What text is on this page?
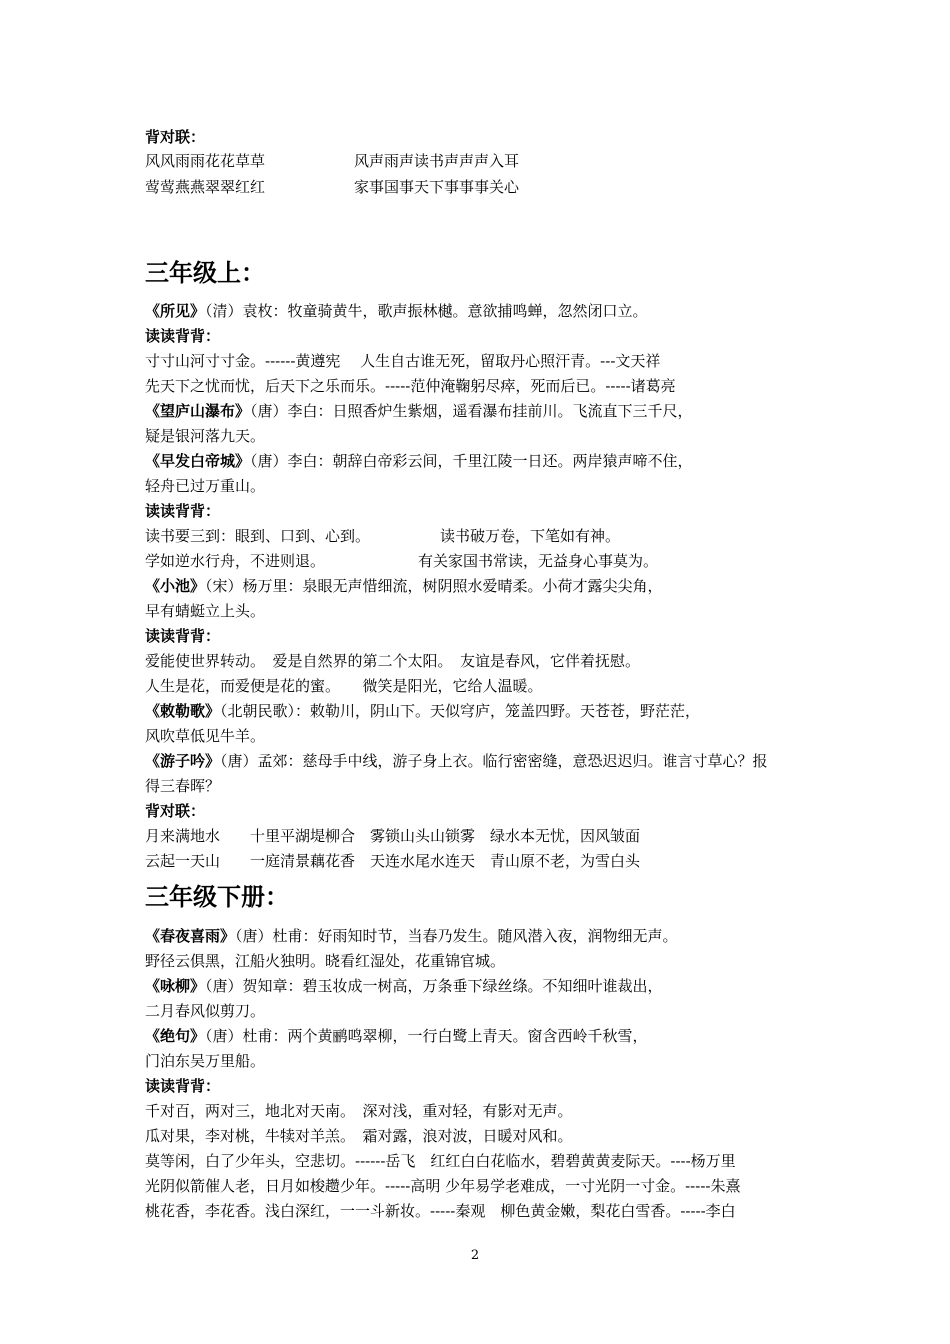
背对联：
风风雨雨花花草草	风声雨声读书声声声入耳
莺莺燕燕翠翠红红	家事国事天下事事事关心
三年级上：
《所见》（清）袁枚：牧童骑黄牛，歌声振林樾。意欲捕鸣蝉，忽然闭口立。
读读背背：
寸寸山河寸寸金。------黄遵宪　 人生自古谁无死，留取丹心照汗青。---文天祥
先天下之忧而忧，后天下之乐而乐。-----范仲淹鞠躬尽瘁，死而后已。-----诸葛亮
《望庐山瀑布》（唐）李白：日照香炉生紫烟，遥看瀑布挂前川。飞流直下三千尺，
疑是银河落九天。
《早发白帝城》（唐）李白：朝辞白帝彩云间，千里江陵一日还。两岸猿声啼不住，
轻舟已过万重山。
读读背背：
读书要三到：眼到、口到、心到。	读书破万卷，下笔如有神。
学如逆水行舟，不进则退。	有关家国书常读，无益身心事莫为。
《小池》（宋）杨万里：泉眼无声惜细流，树阴照水爱晴柔。小荷才露尖尖角，
早有蜻蜓立上头。
读读背背：
爱能使世界转动。　爱是自然界的第二个太阳。　友谊是春风，它伴着抚慰。
人生是花，而爱便是花的蜜。　　微笑是阳光，它给人温暖。
《敕勒歌》（北朝民歌）：敕勒川，阴山下。天似穹庐，笼盖四野。天苍苍，野茫茫，
风吹草低见牛羊。
《游子吟》（唐）孟郊：慈母手中线，游子身上衣。临行密密缝，意恐迟迟归。谁言寸草心？报
得三春晖？
背对联：
月来满地水　　十里平湖堤柳合　雾锁山头山锁雾　绿水本无忧，因风皱面
云起一天山　　一庭清景藕花香　天连水尾水连天　青山原不老，为雪白头
三年级下册：
《春夜喜雨》（唐）杜甫：好雨知时节，当春乃发生。随风潜入夜，润物细无声。
野径云俱黑，江船火独明。晓看红湿处，花重锦官城。
《咏柳》（唐）贺知章：碧玉妆成一树高，万条垂下绿丝绦。不知细叶谁裁出，
二月春风似剪刀。
《绝句》（唐）杜甫：两个黄鹂鸣翠柳，一行白鹭上青天。窗含西岭千秋雪，
门泊东吴万里船。
读读背背：
千对百，两对三，地北对天南。　深对浅，重对轻，有影对无声。
瓜对果，李对桃，牛犊对羊羔。　霜对露，浪对波，日暖对风和。
莫等闲，白了少年头，空悲切。------岳飞　红红白白花临水，碧碧黄黄麦际天。----杨万里
光阴似箭催人老，日月如梭趱少年。-----高明 少年易学老难成，一寸光阴一寸金。-----朱熹
桃花香，李花香。浅白深红，一一斗新妆。-----秦观　柳色黄金嫩，梨花白雪香。-----李白
2
